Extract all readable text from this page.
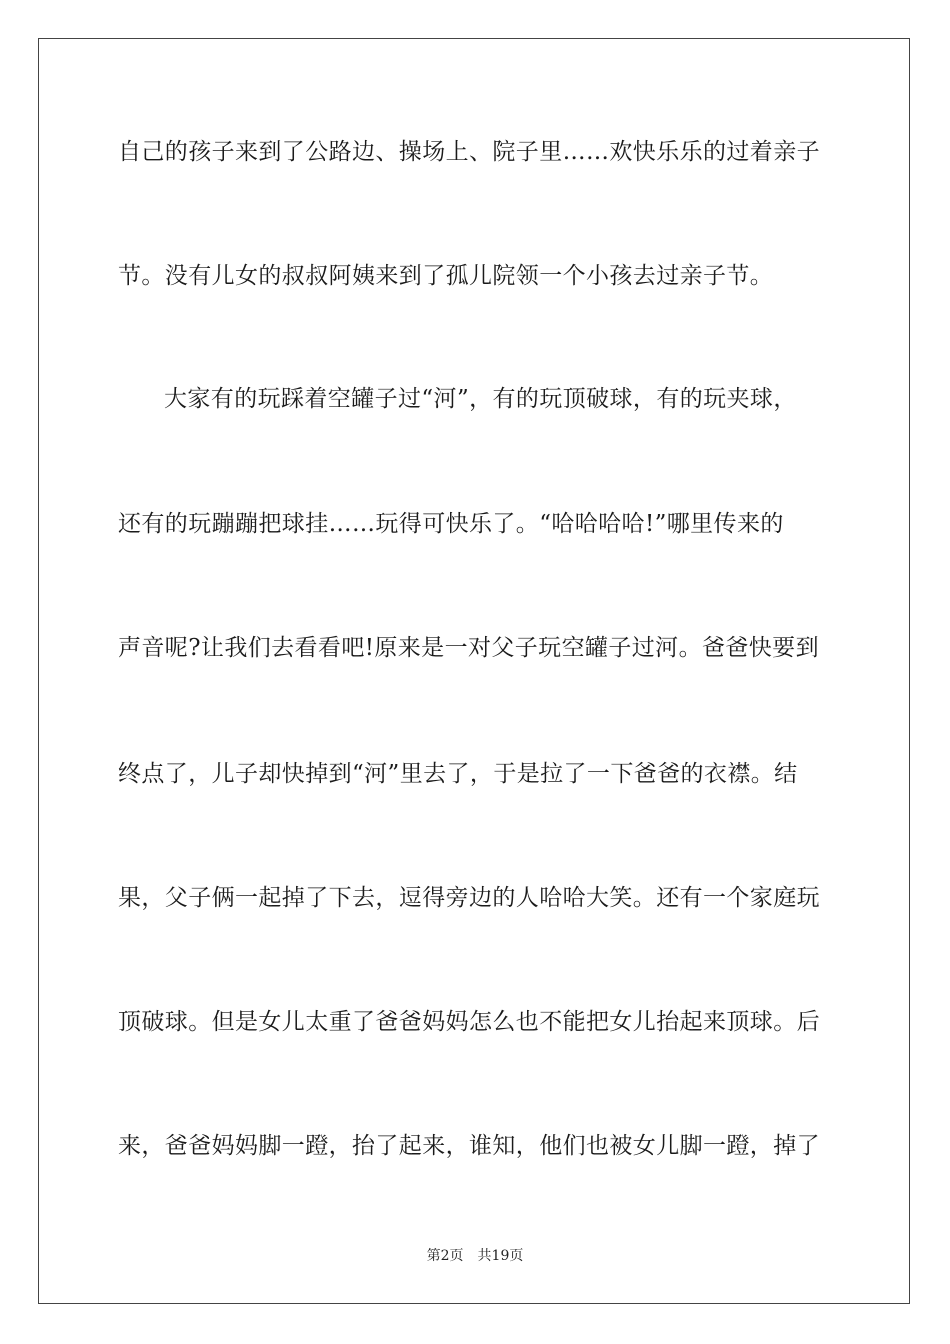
自己的孩子来到了公路边、操场上、院子里……欢快乐乐的过着亲子
节。没有儿女的叔叔阿姨来到了孤儿院领一个小孩去过亲子节。
大家有的玩踩着空罐子过“河”，有的玩顶破球，有的玩夹球，
还有的玩蹦蹦把球挂……玩得可快乐了。“哈哈哈哈!”哪里传来的
声音呢?让我们去看看吧!原来是一对父子玩空罐子过河。爸爸快要到
终点了，儿子却快掉到“河”里去了，于是拉了一下爸爸的衣襟。结
果，父子俩一起掉了下去，逗得旁边的人哈哈大笑。还有一个家庭玩
顶破球。但是女儿太重了爸爸妈妈怎么也不能把女儿抬起来顶球。后
来，爸爸妈妈脚一蹬，抬了起来，谁知，他们也被女儿脚一蹬，掉了
第2页 共19页
